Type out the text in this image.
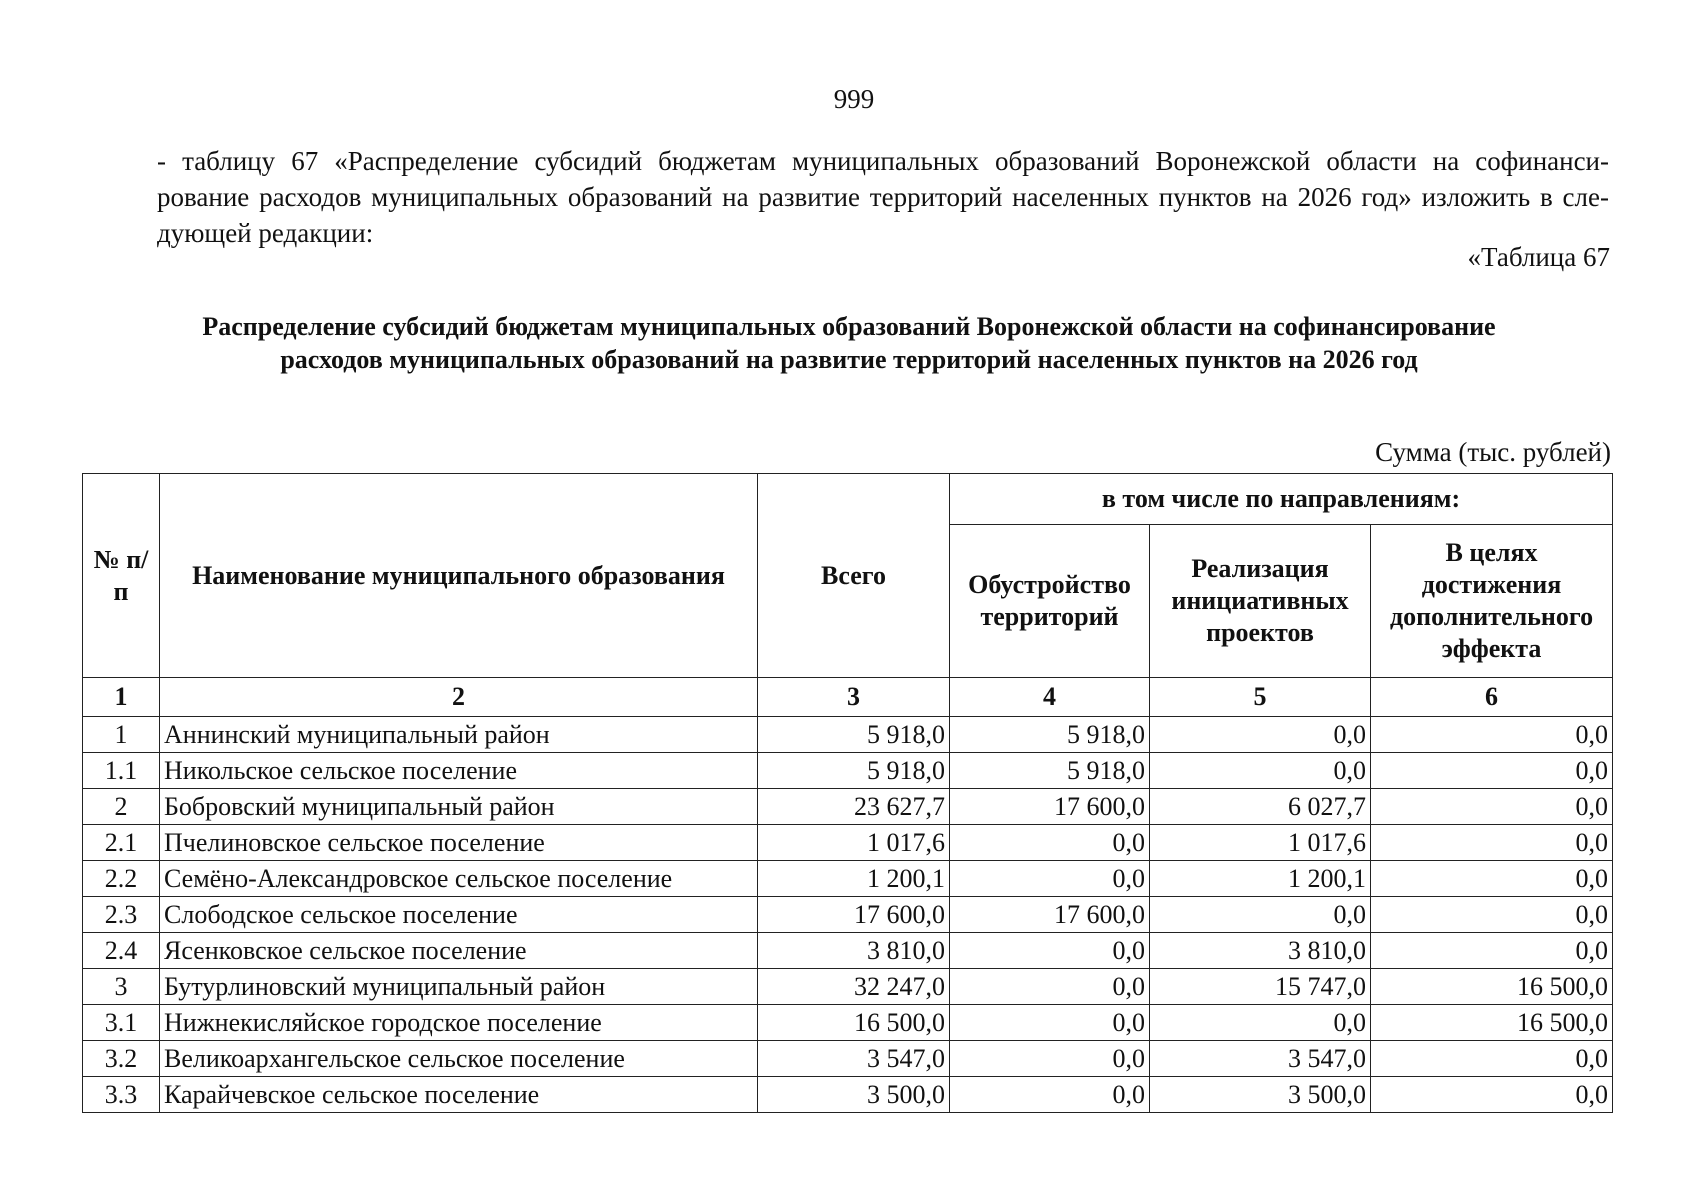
999
- таблицу 67 «Распределение субсидий бюджетам муниципальных образований Воронежской области на софинанси-
рование расходов муниципальных образований на развитие территорий населенных пунктов на 2026 год» изложить в сле-
дующей редакции:
«Таблица 67
Распределение субсидий бюджетам муниципальных образований Воронежской области на софинансирование
расходов муниципальных образований на развитие территорий населенных пунктов на 2026 год
Сумма (тыс. рублей)
№ п/п	Наименование муниципального образования	Всего	в том числе по направлениям:		
			Обустройство территорий	Реализация инициативных проектов	В целях достижения дополнительного эффекта
1	2	3	4	5	6
1	Аннинский муниципальный район	5 918,0	5 918,0	0,0	0,0
1.1	Никольское сельское поселение	5 918,0	5 918,0	0,0	0,0
2	Бобровский муниципальный район	23 627,7	17 600,0	6 027,7	0,0
2.1	Пчелиновское сельское поселение	1 017,6	0,0	1 017,6	0,0
2.2	Семёно-Александровское сельское поселение	1 200,1	0,0	1 200,1	0,0
2.3	Слободское сельское поселение	17 600,0	17 600,0	0,0	0,0
2.4	Ясенковское сельское поселение	3 810,0	0,0	3 810,0	0,0
3	Бутурлиновский муниципальный район	32 247,0	0,0	15 747,0	16 500,0
3.1	Нижнекисляйское городское поселение	16 500,0	0,0	0,0	16 500,0
3.2	Великоархангельское сельское поселение	3 547,0	0,0	3 547,0	0,0
3.3	Карайчевское сельское поселение	3 500,0	0,0	3 500,0	0,0
